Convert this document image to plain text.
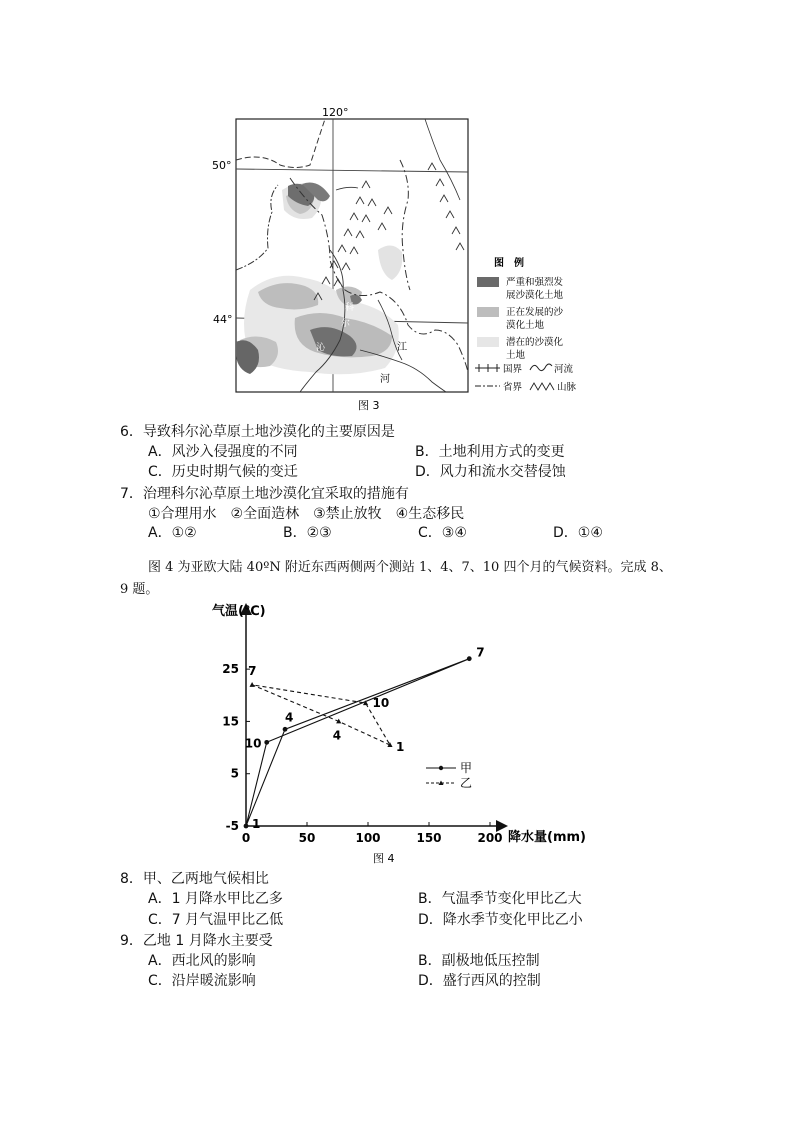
120°
50°
44°
科
尔
沁	江
河
图　例
严重和强烈发
展沙漠化土地
正在发展的沙
漠化土地
潜在的沙漠化
土地
国界	河流
省界	山脉
图 3
6．导致科尔沁草原土地沙漠化的主要原因是
A．风沙入侵强度的不同	B．土地利用方式的变更
C．历史时期气候的变迁	D．风力和流水交替侵蚀
7．治理科尔沁草原土地沙漠化宜采取的措施有
①合理用水　②全面造林　③禁止放牧　④生态移民
A．①②	B．②③	C．③④	D．①④
图 4 为亚欧大陆 40ºN 附近东西两侧两个测站 1、4、7、10 四个月的气候资料。完成 8、
9 题。
气温(℃)
降水量(mm)
0	50	100	150	200
-5
5
15
25
1
4
7
10	1
4
7
10
甲
乙
图 4
8．甲、乙两地气候相比
A．1 月降水甲比乙多	B．气温季节变化甲比乙大
C．7 月气温甲比乙低	D．降水季节变化甲比乙小
9．乙地 1 月降水主要受
A．西北风的影响	B．副极地低压控制
C．沿岸暖流影响	D．盛行西风的控制
